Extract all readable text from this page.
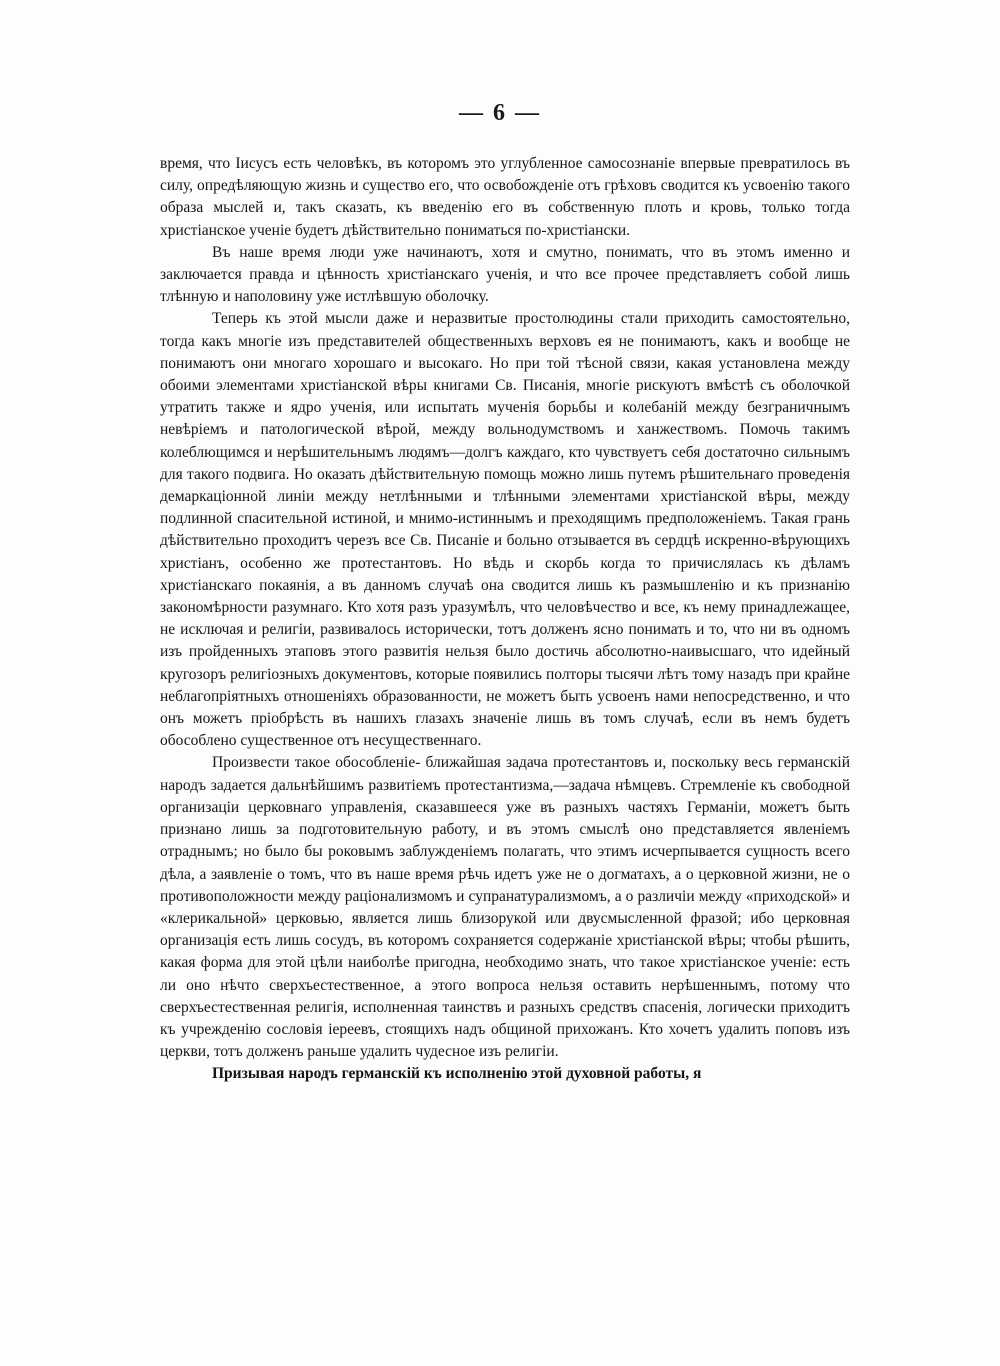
— 6 —

время, что Іисусъ есть человѣкъ, въ которомъ это углубленное самосознаніе впервые превратилось въ силу, опредѣляющую жизнь и существо его, что освобожденіе отъ грѣховъ сводится къ усвоенію такого образа мыслей и, такъ сказать, къ введенію его въ собственную плоть и кровь, только тогда христіанское ученіе будетъ дѣйствительно пониматься по-христіански.

Въ наше время люди уже начинаютъ, хотя и смутно, понимать, что въ этомъ именно и заключается правда и цѣнность христіанскаго ученія, и что все прочее представляетъ собой лишь тлѣнную и наполовину уже истлѣвшую оболочку.

Теперь къ этой мысли даже и неразвитые простолюдины стали приходить самостоятельно, тогда какъ многіе изъ представителей общественныхъ верховъ ея не понимаютъ, какъ и вообще не понимаютъ они многаго хорошаго и высокаго. Но при той тѣсной связи, какая установлена между обоими элементами христіанской вѣры книгами Св. Писанія, многіе рискуютъ вмѣстѣ съ оболочкой утратить также и ядро ученія, или испытать мученія борьбы и колебаній между безграничнымъ невѣріемъ и патологической вѣрой, между вольнодумствомъ и ханжествомъ. Помочь такимъ колеблющимся и нерѣшительнымъ людямъ—долгъ каждаго, кто чувствуетъ себя достаточно сильнымъ для такого подвига. Но оказать дѣйствительную помощь можно лишь путемъ рѣшительнаго проведенія демаркаціонной линіи между нетлѣнными и тлѣнными элементами христіанской вѣры, между подлинной спасительной истиной, и мнимо-истиннымъ и преходящимъ предположеніемъ. Такая грань дѣйствительно проходитъ черезъ все Св. Писаніе и больно отзывается въ сердцѣ искренно-вѣрующихъ христіанъ, особенно же протестантовъ. Но вѣдь и скорбь когда то причислялась къ дѣламъ христіанскаго покаянія, а въ данномъ случаѣ она сводится лишь къ размышленію и къ признанію закономѣрности разумнаго. Кто хотя разъ уразумѣлъ, что человѣчество и все, къ нему принадлежащее, не исключая и религіи, развивалось исторически, тотъ долженъ ясно понимать и то, что ни въ одномъ изъ пройденныхъ этаповъ этого развитія нельзя было достичь абсолютно-наивысшаго, что идейный кругозоръ религіозныхъ документовъ, которые появились полторы тысячи лѣтъ тому назадъ при крайне неблагопріятныхъ отношеніяхъ образованности, не можетъ быть усвоенъ нами непосредственно, и что онъ можетъ пріобрѣсть въ нашихъ глазахъ значеніе лишь въ томъ случаѣ, если въ немъ будетъ обособлено существенное отъ несущественнаго.

Произвести такое обособленіе- ближайшая задача протестантовъ и, поскольку весь германскій народъ задается дальнѣйшимъ развитіемъ протестантизма,—задача нѣмцевъ. Стремленіе къ свободной организаціи церковнаго управленія, сказавшееся уже въ разныхъ частяхъ Германіи, можетъ быть признано лишь за подготовительную работу, и въ этомъ смыслѣ оно представляется явленіемъ отраднымъ; но было бы роковымъ заблужденіемъ полагать, что этимъ исчерпывается сущность всего дѣла, а заявленіе о томъ, что въ наше время рѣчь идетъ уже не о догматахъ, а о церковной жизни, не о противоположности между раціонализмомъ и супранатурализмомъ, а о различіи между «приходской» и «клерикальной» церковью, является лишь близорукой или двусмысленной фразой; ибо церковная организація есть лишь сосудъ, въ которомъ сохраняется содержаніе христіанской вѣры; чтобы рѣшить, какая форма для этой цѣли наиболѣе пригодна, необходимо знать, что такое христіанское ученіе: есть ли оно нѣчто сверхъестественное, а этого вопроса нельзя оставить нерѣшеннымъ, потому что сверхъестественная религія, исполненная таинствъ и разныхъ средствъ спасенія, логически приходитъ къ учрежденію сословія іереевъ, стоящихъ надъ общиной прихожанъ. Кто хочетъ удалить поповъ изъ церкви, тотъ долженъ раньше удалить чудесное изъ религіи.

Призывая народъ германскій къ исполненію этой духовной работы, я
